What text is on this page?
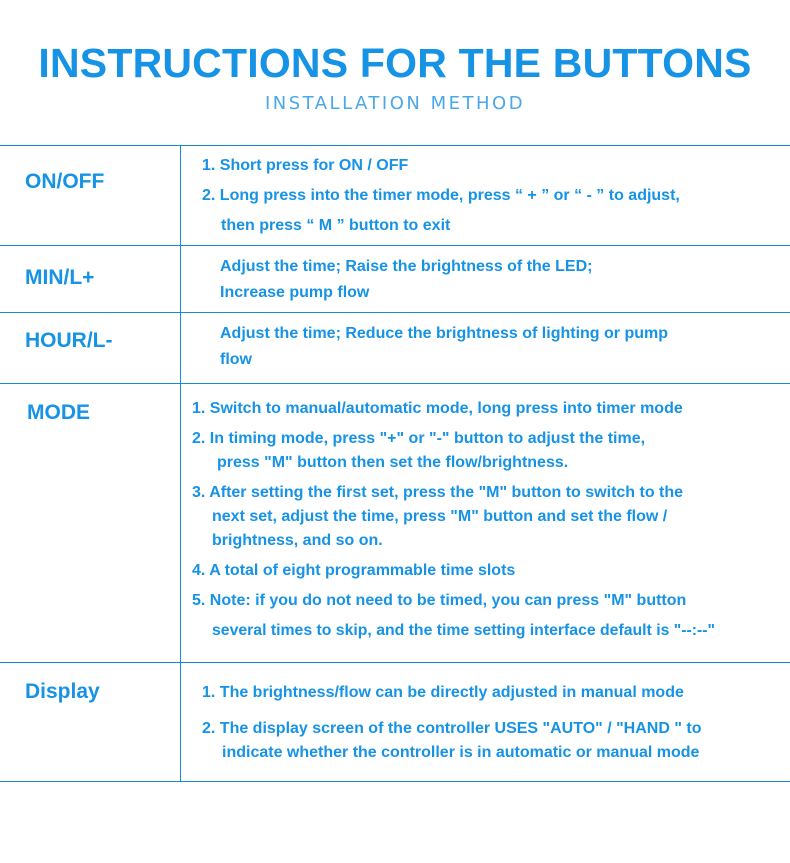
INSTRUCTIONS FOR THE BUTTONS
INSTALLATION METHOD
ON/OFF
1. Short press for ON / OFF
2. Long press into the timer mode, press “ + ” or “ - ” to adjust,
then press “ M ” button to exit
MIN/L+	Adjust the time; Raise the brightness of the LED;
Increase pump flow
HOUR/L-	Adjust the time; Reduce the brightness of lighting or pump
flow
MODE	1. Switch to manual/automatic mode, long press into timer mode
2. In timing mode, press "+" or "-" button to adjust the time,
press "M" button then set the flow/brightness.
3. After setting the first set, press the "M" button to switch to the
next set, adjust the time, press "M" button and set the flow /
brightness, and so on.
4. A total of eight programmable time slots
5. Note: if you do not need to be timed, you can press "M" button
several times to skip, and the time setting interface default is "--:--"
Display	1. The brightness/flow can be directly adjusted in manual mode
2. The display screen of the controller USES "AUTO" / "HAND " to
indicate whether the controller is in automatic or manual mode
